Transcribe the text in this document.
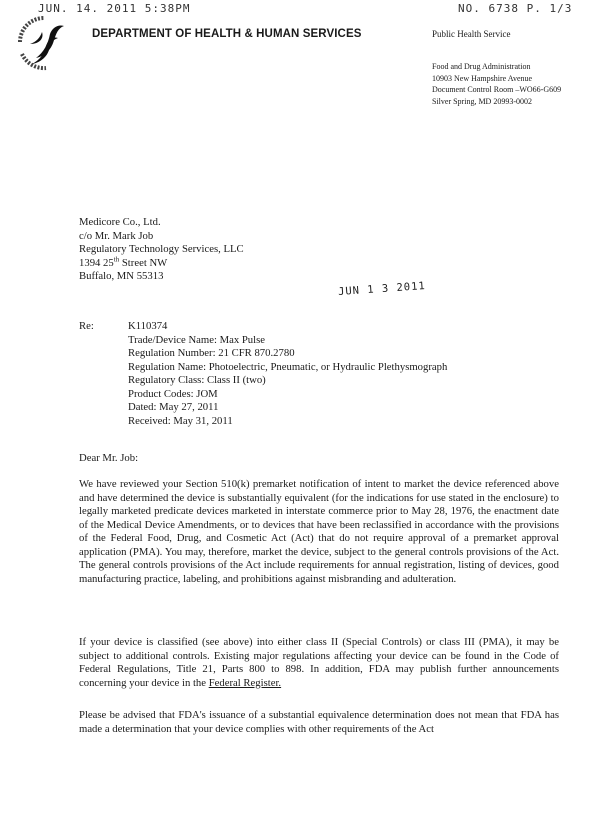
JUN. 14. 2011 5:38PM	NO. 6738 P. 1/3
DEPARTMENT OF HEALTH & HUMAN SERVICES	Public Health Service
Food and Drug Administration
10903 New Hampshire Avenue
Document Control Room –WO66-G609
Silver Spring, MD 20993-0002
Medicore Co., Ltd.
c/o Mr. Mark Job
Regulatory Technology Services, LLC
1394 25th Street NW
Buffalo, MN 55313
JUN 1 3 2011
Re:	K110374
Trade/Device Name: Max Pulse
Regulation Number: 21 CFR 870.2780
Regulation Name: Photoelectric, Pneumatic, or Hydraulic Plethysmograph
Regulatory Class: Class II (two)
Product Codes: JOM
Dated: May 27, 2011
Received: May 31, 2011
Dear Mr. Job:
We have reviewed your Section 510(k) premarket notification of intent to market the device referenced above and have determined the device is substantially equivalent (for the indications for use stated in the enclosure) to legally marketed predicate devices marketed in interstate commerce prior to May 28, 1976, the enactment date of the Medical Device Amendments, or to devices that have been reclassified in accordance with the provisions of the Federal Food, Drug, and Cosmetic Act (Act) that do not require approval of a premarket approval application (PMA). You may, therefore, market the device, subject to the general controls provisions of the Act. The general controls provisions of the Act include requirements for annual registration, listing of devices, good manufacturing practice, labeling, and prohibitions against misbranding and adulteration.
If your device is classified (see above) into either class II (Special Controls) or class III (PMA), it may be subject to additional controls. Existing major regulations affecting your device can be found in the Code of Federal Regulations, Title 21, Parts 800 to 898. In addition, FDA may publish further announcements concerning your device in the Federal Register.
Please be advised that FDA's issuance of a substantial equivalence determination does not mean that FDA has made a determination that your device complies with other requirements of the Act
